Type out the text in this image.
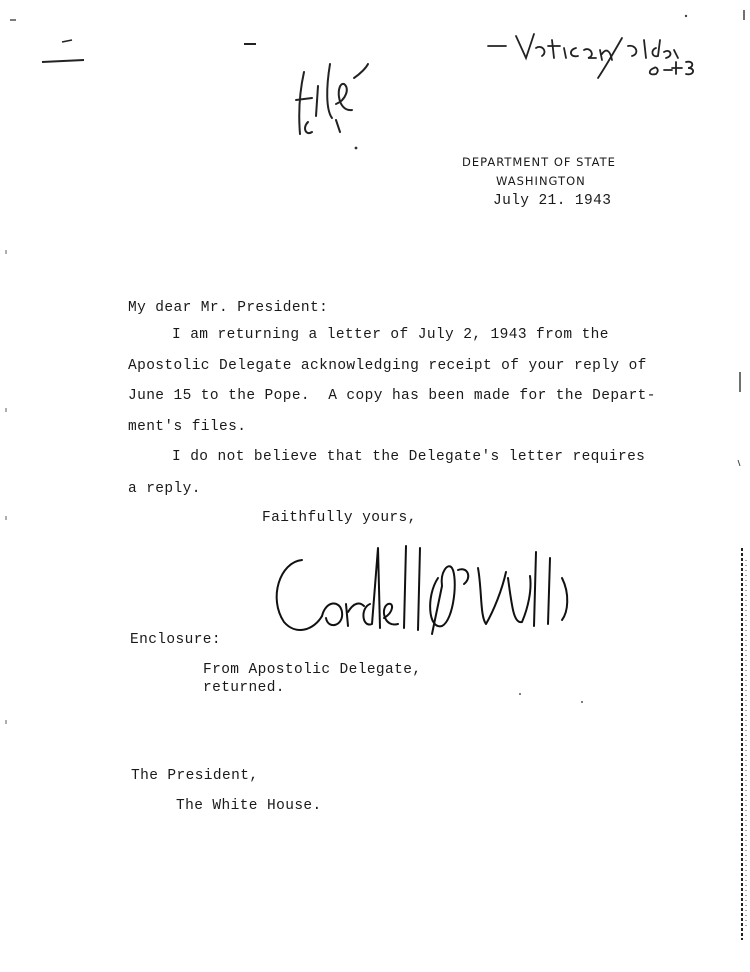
DEPARTMENT OF STATE
WASHINGTON
July 21. 1943
My dear Mr. President:
I am returning a letter of July 2, 1943 from the
Apostolic Delegate acknowledging receipt of your reply of
June 15 to the Pope.  A copy has been made for the Depart-
ment's files.
I do not believe that the Delegate's letter requires
a reply.
Faithfully yours,
Enclosure:
From Apostolic Delegate,
returned.
The President,
The White House.
